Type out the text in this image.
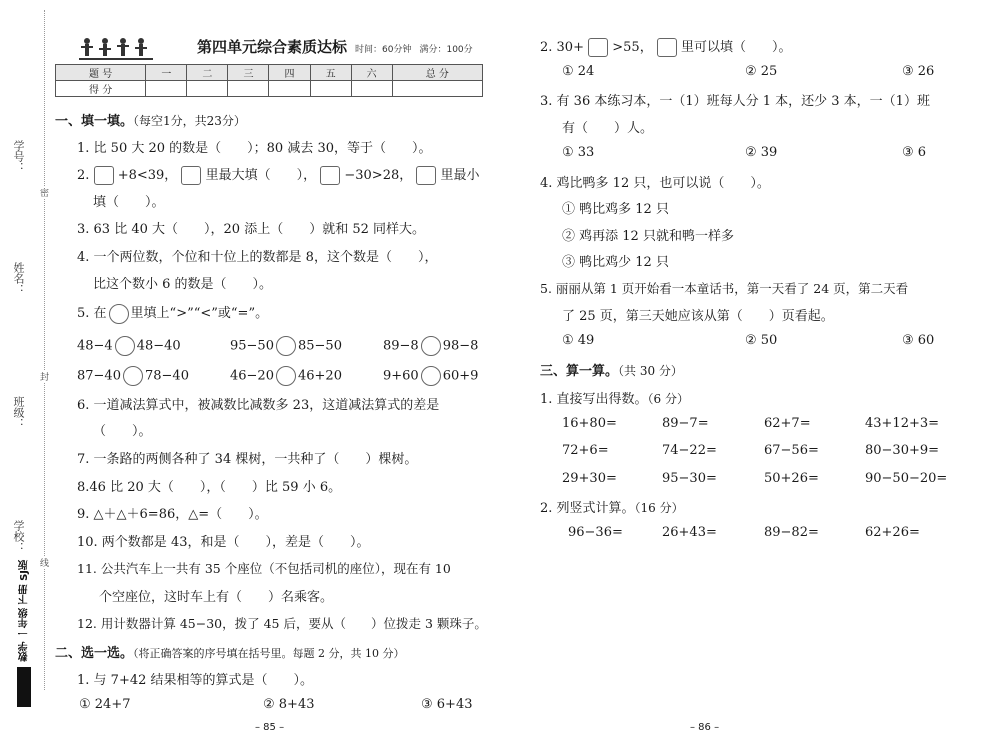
学号：
姓名：
班级：
学校：
密
封
线
数学 一年级 下册 SJ版
第四单元综合素质达标 时间：60分钟 满分：100分
题 号	一	二	三	四	五	六	总 分
得 分							
一、填一填。（每空1分，共23分）
1. 比 50 大 20 的数是（　　）；80 减去 30，等于（　　）。
2. +8<39， 里最大填（　　）， −30>28， 里最小
填（　　）。
3. 63 比 40 大（　　），20 添上（　　）就和 52 同样大。
4. 一个两位数，个位和十位上的数都是 8，这个数是（　　），
比这个数小 6 的数是（　　）。
5. 在 里填上“>”“<”或“=”。
48−4 48−40	95−50 85−50	89−8 98−8
87−40 78−40	46−20 46+20	9+60 60+9
6. 一道减法算式中，被减数比减数多 23，这道减法算式的差是
（　　）。
7. 一条路的两侧各种了 34 棵树，一共种了（　　）棵树。
8.46 比 20 大（　　），（　　）比 59 小 6。
9. △＋△＋6=86，△=（　　）。
10. 两个数都是 43，和是（　　），差是（　　）。
11. 公共汽车上一共有 35 个座位（不包括司机的座位），现在有 10
个空座位，这时车上有（　　）名乘客。
12. 用计数器计算 45−30，拨了 45 后，要从（　　）位拨走 3 颗珠子。
二、选一选。（将正确答案的序号填在括号里。每题 2 分，共 10 分）
1. 与 7+42 结果相等的算式是（　　）。
① 24+7	② 8+43	③ 6+43
– 85 –
2. 30+ >55， 里可以填（　　）。
① 24	② 25	③ 26
3. 有 36 本练习本，一（1）班每人分 1 本，还少 3 本，一（1）班
有（　　）人。
① 33	② 39	③ 6
4. 鸡比鸭多 12 只，也可以说（　　）。
① 鸭比鸡多 12 只
② 鸡再添 12 只就和鸭一样多
③ 鸭比鸡少 12 只
5. 丽丽从第 1 页开始看一本童话书，第一天看了 24 页，第二天看
了 25 页，第三天她应该从第（　　）页看起。
① 49	② 50	③ 60
三、算一算。（共 30 分）
1. 直接写出得数。（6 分）
16+80=	89−7=	62+7=	43+12+3=
72+6=	74−22=	67−56=	80−30+9=
29+30=	95−30=	50+26=	90−50−20=
2. 列竖式计算。（16 分）
96−36=	26+43=	89−82=	62+26=
– 86 –
